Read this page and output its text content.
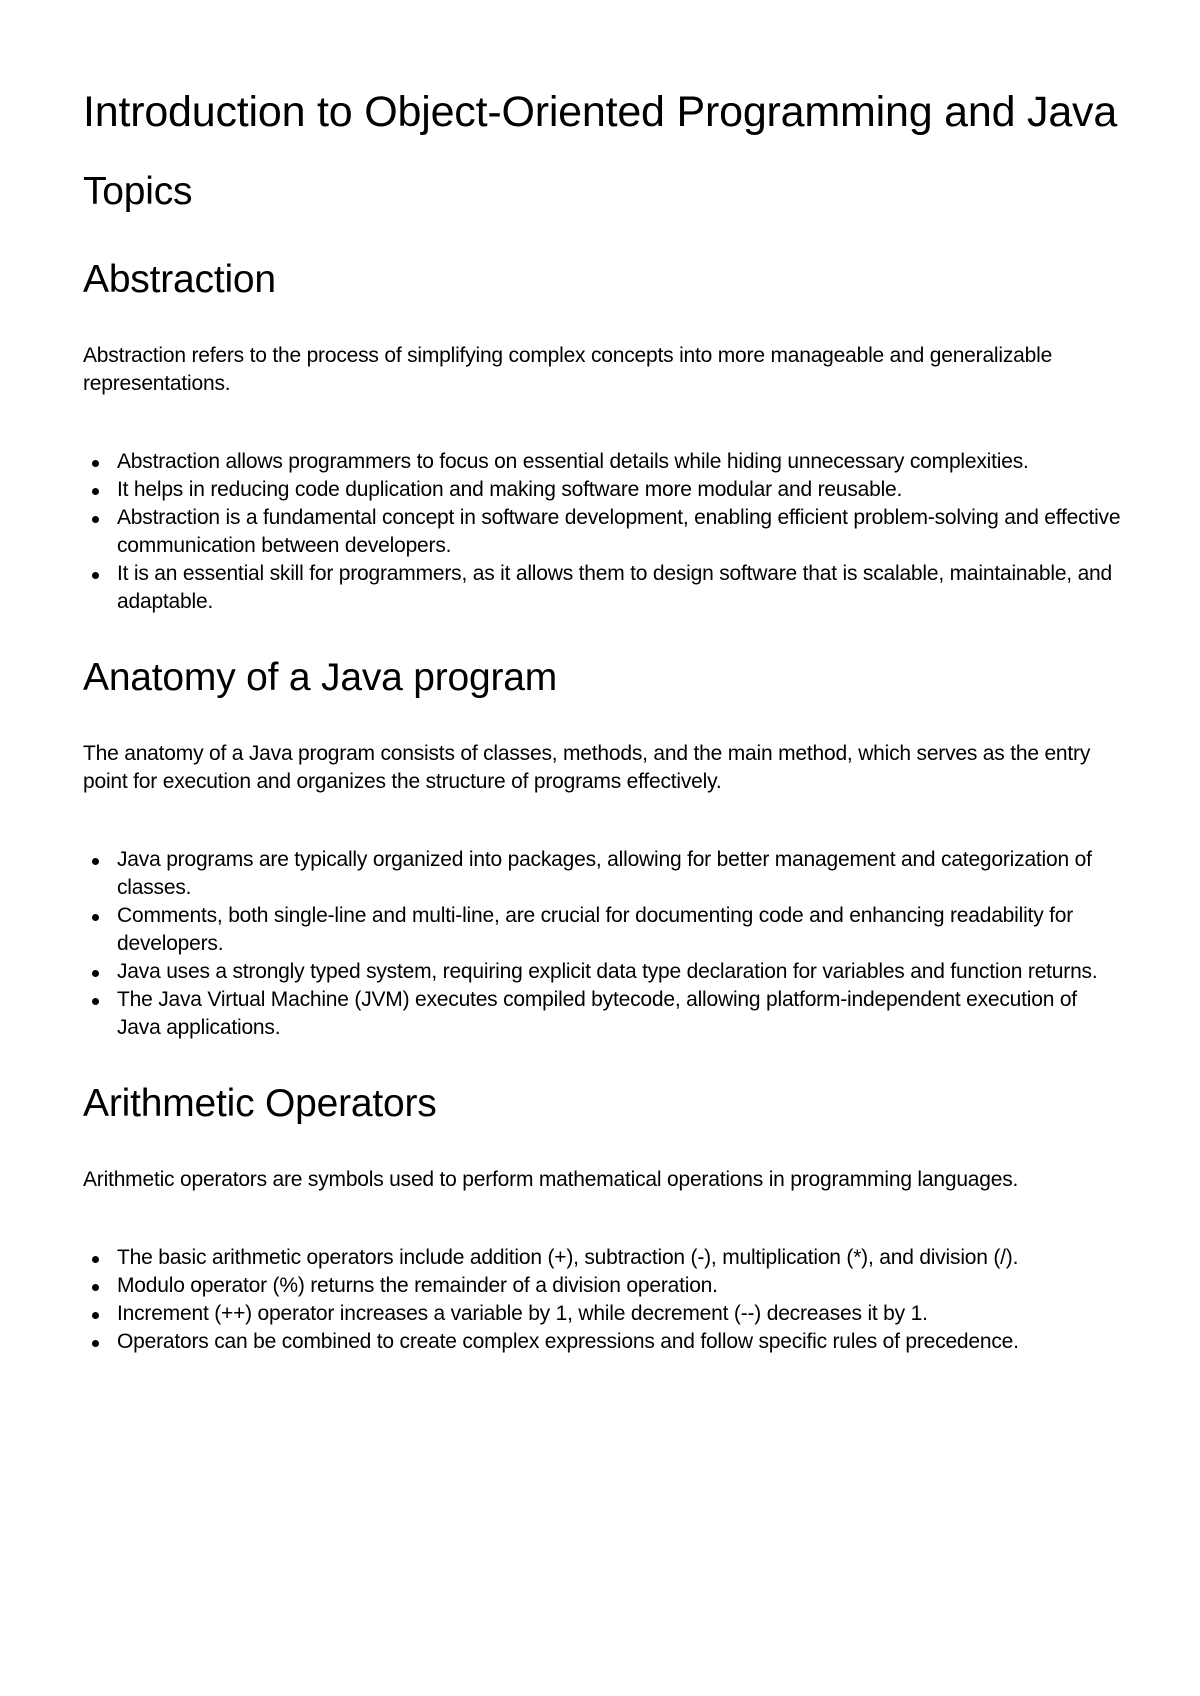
Introduction to Object-Oriented Programming and Java
Topics
Abstraction

Abstraction refers to the process of simplifying complex concepts into more manageable and generalizable representations.

Abstraction allows programmers to focus on essential details while hiding unnecessary complexities.
It helps in reducing code duplication and making software more modular and reusable.
Abstraction is a fundamental concept in software development, enabling efficient problem-solving and effective communication between developers.
It is an essential skill for programmers, as it allows them to design software that is scalable, maintainable, and adaptable.
Anatomy of a Java program

The anatomy of a Java program consists of classes, methods, and the main method, which serves as the entry point for execution and organizes the structure of programs effectively.

Java programs are typically organized into packages, allowing for better management and categorization of classes.
Comments, both single-line and multi-line, are crucial for documenting code and enhancing readability for developers.
Java uses a strongly typed system, requiring explicit data type declaration for variables and function returns.
The Java Virtual Machine (JVM) executes compiled bytecode, allowing platform-independent execution of Java applications.
Arithmetic Operators

Arithmetic operators are symbols used to perform mathematical operations in programming languages.

The basic arithmetic operators include addition (+), subtraction (-), multiplication (*), and division (/).
Modulo operator (%) returns the remainder of a division operation.
Increment (++) operator increases a variable by 1, while decrement (--) decreases it by 1.
Operators can be combined to create complex expressions and follow specific rules of precedence.
